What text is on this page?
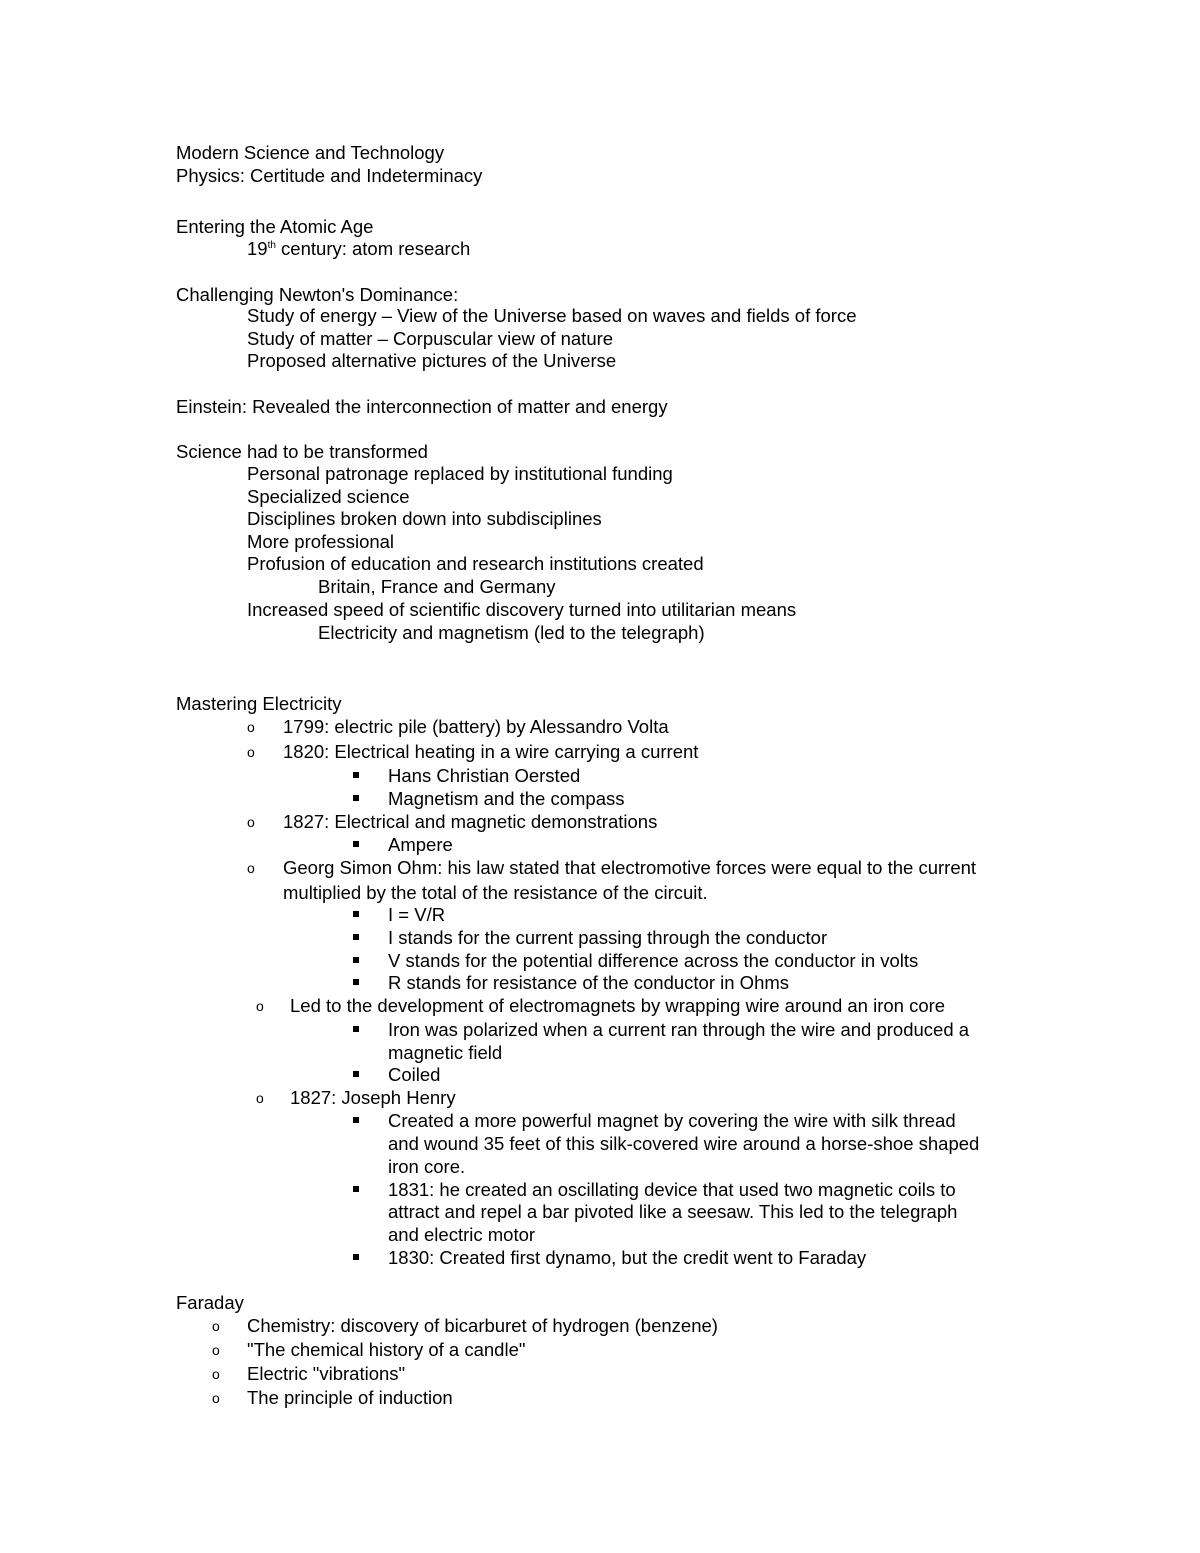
Modern Science and Technology
Physics: Certitude and Indeterminacy
Entering the Atomic Age
19th century: atom research
Challenging Newton's Dominance:
Study of energy – View of the Universe based on waves and fields of force
Study of matter – Corpuscular view of nature
Proposed alternative pictures of the Universe
Einstein: Revealed the interconnection of matter and energy
Science had to be transformed
Personal patronage replaced by institutional funding
Specialized science
Disciplines broken down into subdisciplines
More professional
Profusion of education and research institutions created
Britain, France and Germany
Increased speed of scientific discovery turned into utilitarian means
Electricity and magnetism (led to the telegraph)
Mastering Electricity
o 1799: electric pile (battery) by Alessandro Volta
o 1820: Electrical heating in a wire carrying a current
Hans Christian Oersted
Magnetism and the compass
o 1827: Electrical and magnetic demonstrations
Ampere
o Georg Simon Ohm: his law stated that electromotive forces were equal to the current
multiplied by the total of the resistance of the circuit.
I = V/R
I stands for the current passing through the conductor
V stands for the potential difference across the conductor in volts
R stands for resistance of the conductor in Ohms
o Led to the development of electromagnets by wrapping wire around an iron core
Iron was polarized when a current ran through the wire and produced a
magnetic field
Coiled
o 1827: Joseph Henry
Created a more powerful magnet by covering the wire with silk thread
and wound 35 feet of this silk-covered wire around a horse-shoe shaped
iron core.
1831: he created an oscillating device that used two magnetic coils to
attract and repel a bar pivoted like a seesaw. This led to the telegraph
and electric motor
1830: Created first dynamo, but the credit went to Faraday
Faraday
o Chemistry: discovery of bicarburet of hydrogen (benzene)
o "The chemical history of a candle"
o Electric "vibrations"
o The principle of induction
